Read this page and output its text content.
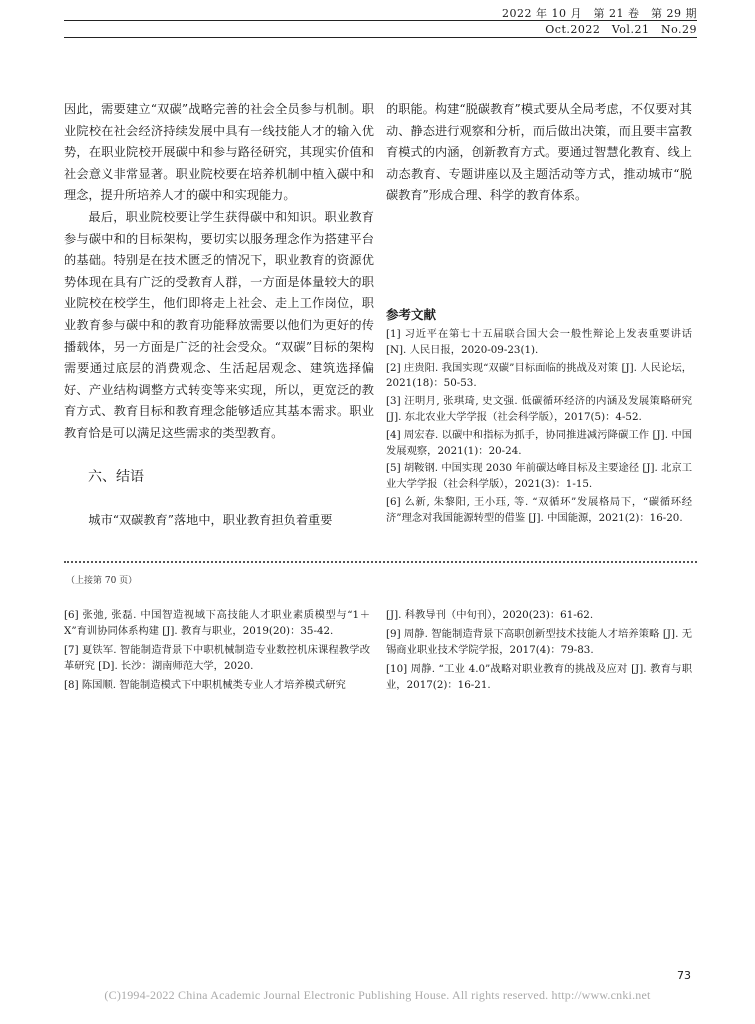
2022 年 10 月　第 21 卷　第 29 期
Oct.2022　Vol.21　No.29

因此，需要建立“双碳”战略完善的社会全员参与机制。职业院校在社会经济持续发展中具有一线技能人才的输入优势，在职业院校开展碳中和参与路径研究，其现实价值和社会意义非常显著。职业院校要在培养机制中植入碳中和理念，提升所培养人才的碳中和实现能力。

最后，职业院校要让学生获得碳中和知识。职业教育参与碳中和的目标架构，要切实以服务理念作为搭建平台的基础。特别是在技术匮乏的情况下，职业教育的资源优势体现在具有广泛的受教育人群，一方面是体量较大的职业院校在校学生，他们即将走上社会、走上工作岗位，职业教育参与碳中和的教育功能释放需要以他们为更好的传播载体，另一方面是广泛的社会受众。“双碳”目标的架构需要通过底层的消费观念、生活起居观念、建筑选择偏好、产业结构调整方式转变等来实现，所以，更宽泛的教育方式、教育目标和教育理念能够适应其基本需求。职业教育恰是可以满足这些需求的类型教育。

六、结语
城市“双碳教育”落地中，职业教育担负着重要

的职能。构建“脱碳教育”模式要从全局考虑，不仅要对其动、静态进行观察和分析，而后做出决策，而且要丰富教育模式的内涵，创新教育方式。要通过智慧化教育、线上动态教育、专题讲座以及主题活动等方式，推动城市“脱碳教育”形成合理、科学的教育体系。

参考文献

[1] 习近平在第七十五届联合国大会一般性辩论上发表重要讲话 [N]. 人民日报，2020-09-23(1).

[2] 庄贵阳. 我国实现“双碳”目标面临的挑战及对策 [J]. 人民论坛，2021(18)：50-53.

[3] 汪明月, 张琪琦, 史文强. 低碳循环经济的内涵及发展策略研究 [J]. 东北农业大学学报（社会科学版），2017(5)：4-52.

[4] 周宏春. 以碳中和指标为抓手，协同推进减污降碳工作 [J]. 中国发展观察，2021(1)：20-24.

[5] 胡鞍钢. 中国实现 2030 年前碳达峰目标及主要途径 [J]. 北京工业大学学报（社会科学版），2021(3)：1-15.

[6] 么新, 朱黎阳, 王小珏, 等. “双循环”发展格局下，“碳循环经济”理念对我国能源转型的借鉴 [J]. 中国能源，2021(2)：16-20.

（上接第 70 页）

[6] 张弛, 张磊. 中国智造视域下高技能人才职业素质模型与“1＋X”育训协同体系构建 [J]. 教育与职业，2019(20)：35-42.

[7] 夏铁军. 智能制造背景下中职机械制造专业数控机床课程教学改革研究 [D]. 长沙：湖南师范大学，2020.

[8] 陈国顺. 智能制造模式下中职机械类专业人才培养模式研究

[J]. 科教导刊（中旬刊），2020(23)：61-62.

[9] 周静. 智能制造背景下高职创新型技术技能人才培养策略 [J]. 无锡商业职业技术学院学报，2017(4)：79-83.

[10] 周静. “工业 4.0”战略对职业教育的挑战及应对 [J]. 教育与职业，2017(2)：16-21.

73
(C)1994-2022 China Academic Journal Electronic Publishing House. All rights reserved. http://www.cnki.net
